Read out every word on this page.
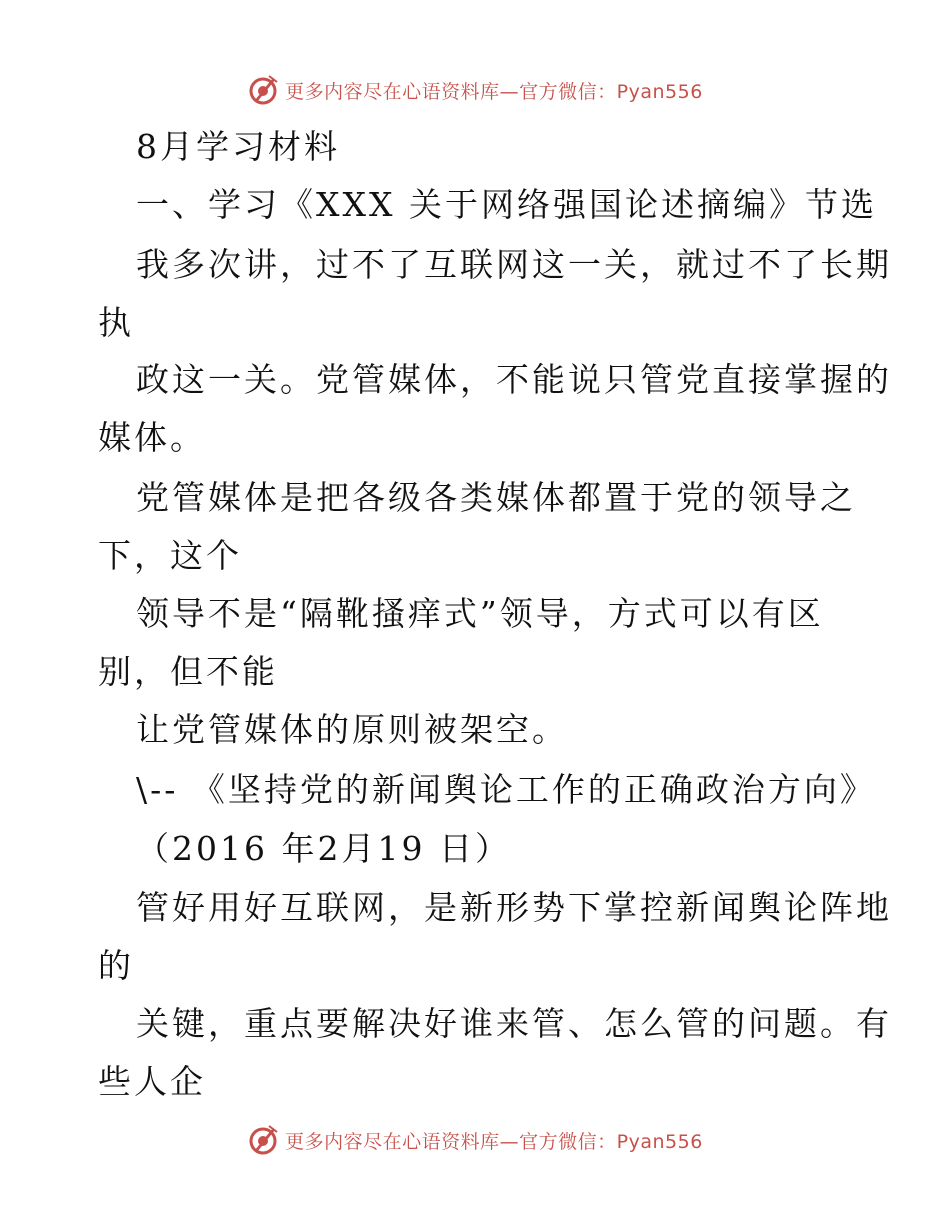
更多内容尽在心语资料库—官方微信：Pyan556
8月学习材料
一、学习《XXX 关于网络强国论述摘编》节选
我多次讲，过不了互联网这一关，就过不了长期
执
政这一关。党管媒体，不能说只管党直接掌握的
媒体。
党管媒体是把各级各类媒体都置于党的领导之
下，这个
领导不是“隔靴搔痒式”领导，方式可以有区
别，但不能
让党管媒体的原则被架空。
\-- 《坚持党的新闻舆论工作的正确政治方向》
（2016 年2月19 日）
管好用好互联网，是新形势下掌控新闻舆论阵地
的
关键，重点要解决好谁来管、怎么管的问题。有
些人企
更多内容尽在心语资料库—官方微信：Pyan556
